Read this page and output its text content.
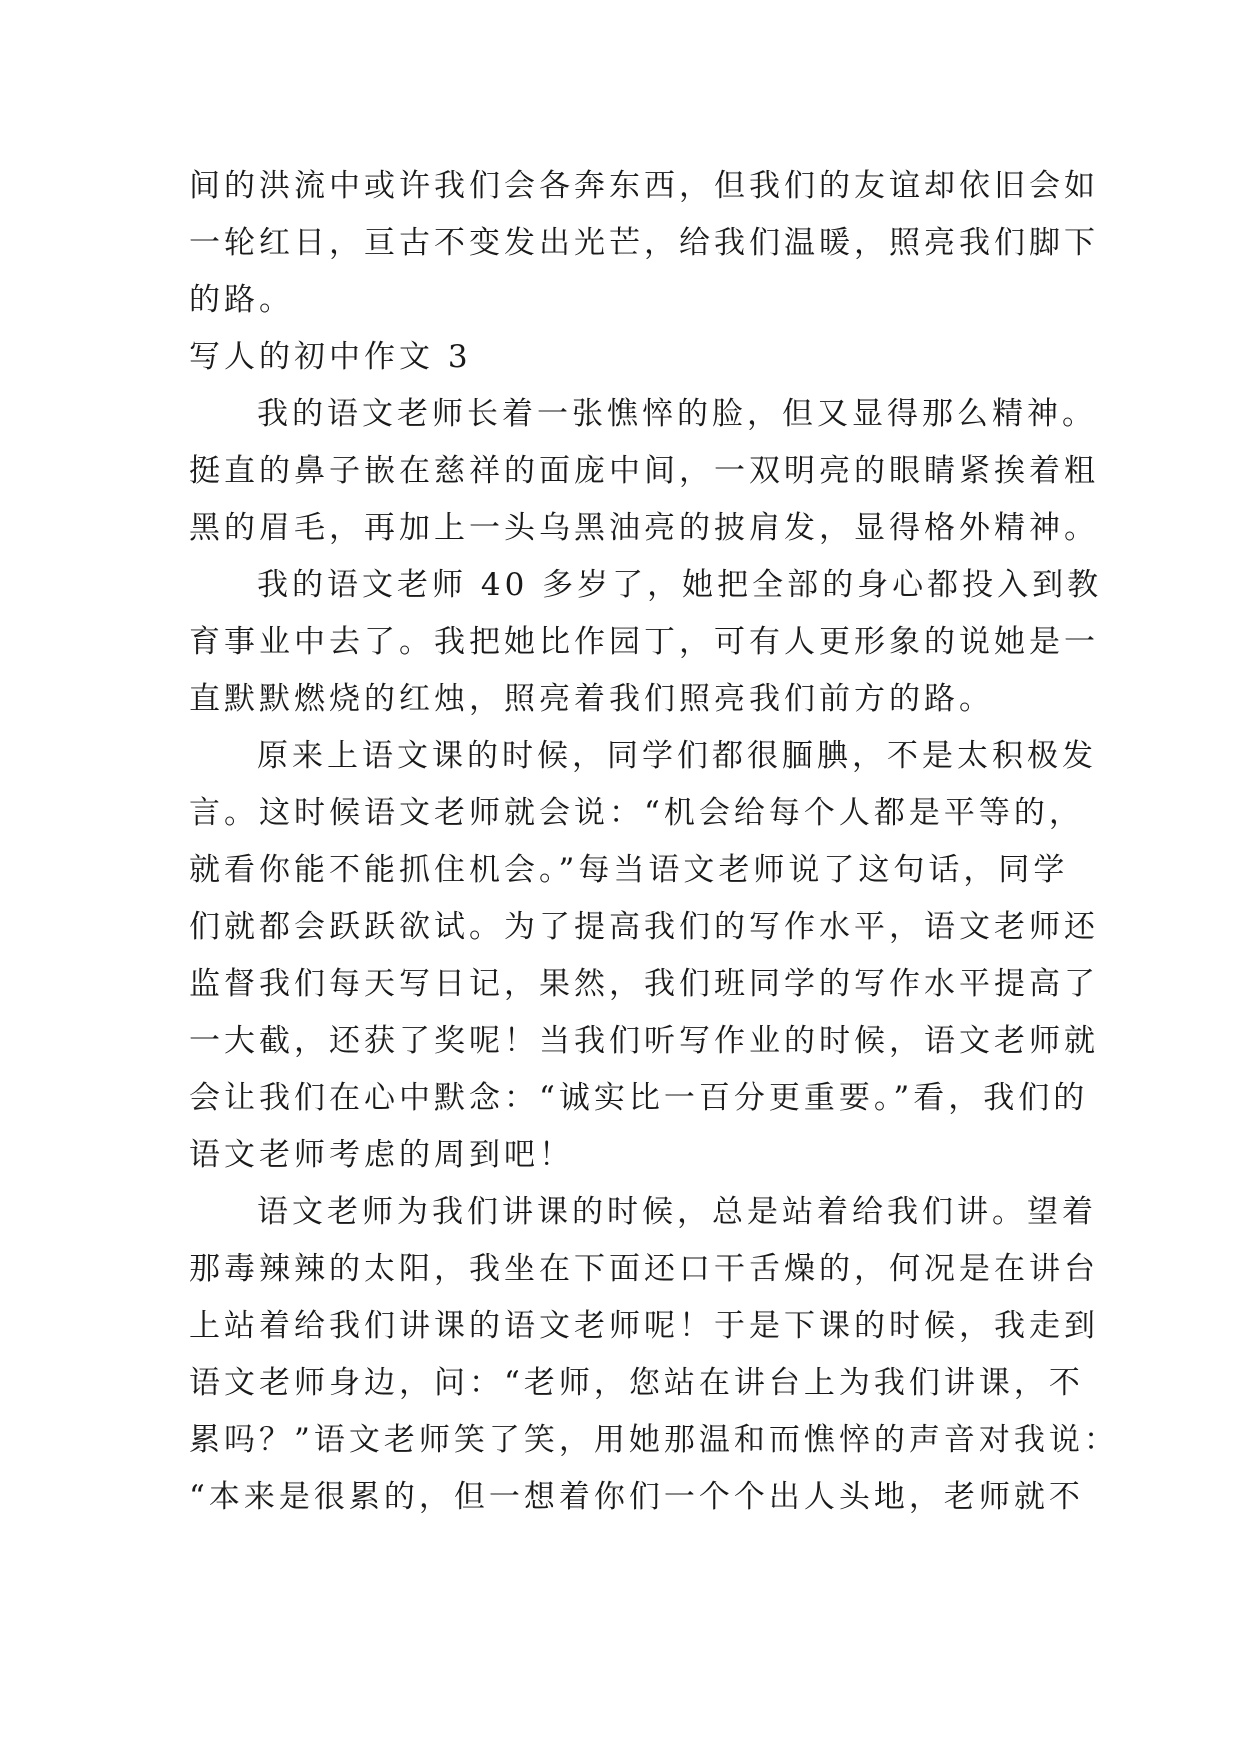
间的洪流中或许我们会各奔东西，但我们的友谊却依旧会如
一轮红日，亘古不变发出光芒，给我们温暖，照亮我们脚下
的路。
写人的初中作文 3
我的语文老师长着一张憔悴的脸，但又显得那么精神。
挺直的鼻子嵌在慈祥的面庞中间，一双明亮的眼睛紧挨着粗
黑的眉毛，再加上一头乌黑油亮的披肩发，显得格外精神。
我的语文老师 40 多岁了，她把全部的身心都投入到教
育事业中去了。我把她比作园丁，可有人更形象的说她是一
直默默燃烧的红烛，照亮着我们照亮我们前方的路。
原来上语文课的时候，同学们都很腼腆，不是太积极发
言。这时候语文老师就会说：“机会给每个人都是平等的，
就看你能不能抓住机会。”每当语文老师说了这句话，同学
们就都会跃跃欲试。为了提高我们的写作水平，语文老师还
监督我们每天写日记，果然，我们班同学的写作水平提高了
一大截，还获了奖呢！当我们听写作业的时候，语文老师就
会让我们在心中默念：“诚实比一百分更重要。”看，我们的
语文老师考虑的周到吧！
语文老师为我们讲课的时候，总是站着给我们讲。望着
那毒辣辣的太阳，我坐在下面还口干舌燥的，何况是在讲台
上站着给我们讲课的语文老师呢！于是下课的时候，我走到
语文老师身边，问：“老师，您站在讲台上为我们讲课，不
累吗？”语文老师笑了笑，用她那温和而憔悴的声音对我说：
“本来是很累的，但一想着你们一个个出人头地，老师就不
